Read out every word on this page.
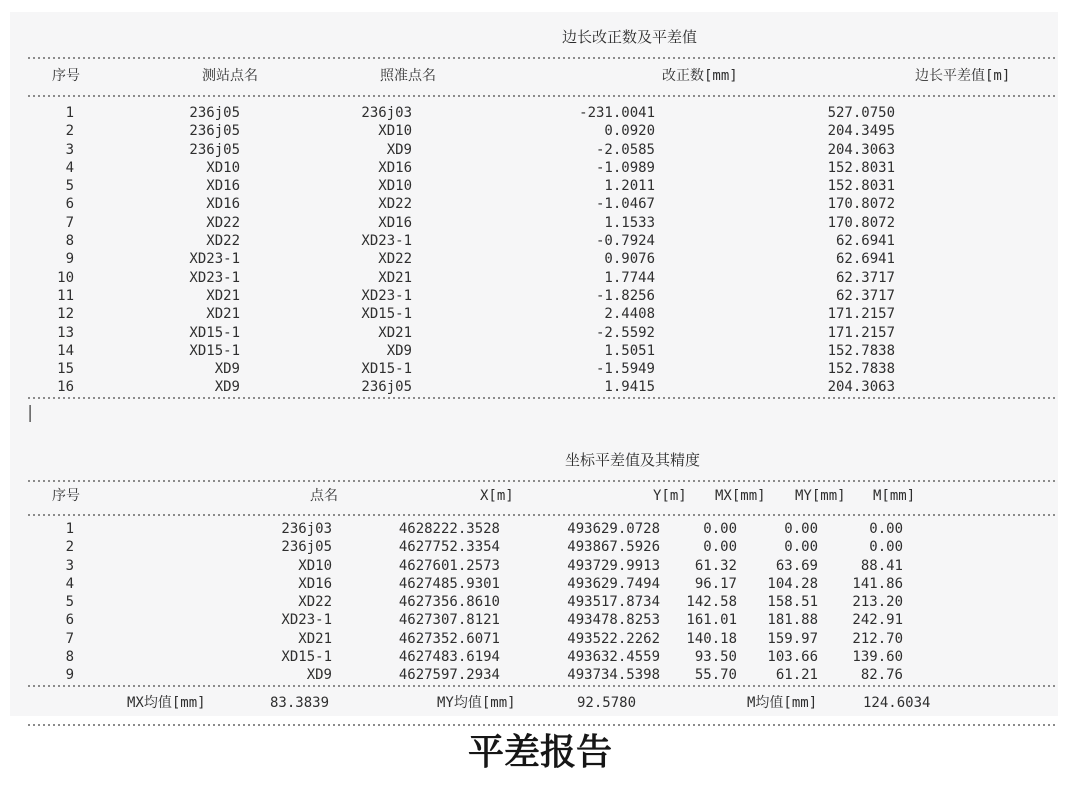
边长改正数及平差值
序号	测站点名	照准点名	改正数[mm]	边长平差值[m]
1	236j05	236j03	-231.0041	527.0750
2	236j05	XD10	0.0920	204.3495
3	236j05	XD9	-2.0585	204.3063
4	XD10	XD16	-1.0989	152.8031
5	XD16	XD10	1.2011	152.8031
6	XD16	XD22	-1.0467	170.8072
7	XD22	XD16	1.1533	170.8072
8	XD22	XD23-1	-0.7924	62.6941
9	XD23-1	XD22	0.9076	62.6941
10	XD23-1	XD21	1.7744	62.3717
11	XD21	XD23-1	-1.8256	62.3717
12	XD21	XD15-1	2.4408	171.2157
13	XD15-1	XD21	-2.5592	171.2157
14	XD15-1	XD9	1.5051	152.7838
15	XD9	XD15-1	-1.5949	152.7838
16	XD9	236j05	1.9415	204.3063
|
坐标平差值及其精度
序号	点名	X[m]	Y[m] MX[mm] MY[mm] M[mm]
1	236j03	4628222.3528	493629.0728	0.00	0.00	0.00
2	236j05	4627752.3354	493867.5926	0.00	0.00	0.00
3	XD10	4627601.2573	493729.9913 61.32	63.69	88.41
4	XD16	4627485.9301	493629.7494 96.17 104.28 141.86
5	XD22	4627356.8610	493517.8734 142.58 158.51 213.20
6	XD23-1	4627307.8121	493478.8253 161.01 181.88 242.91
7	XD21	4627352.6071	493522.2262 140.18 159.97 212.70
8	XD15-1	4627483.6194	493632.4559 93.50 103.66 139.60
9	XD9	4627597.2934	493734.5398 55.70	61.21	82.76
MX均值[mm]	83.3839	MY均值[mm]	92.5780	M均值[mm]	124.6034
平差报告
